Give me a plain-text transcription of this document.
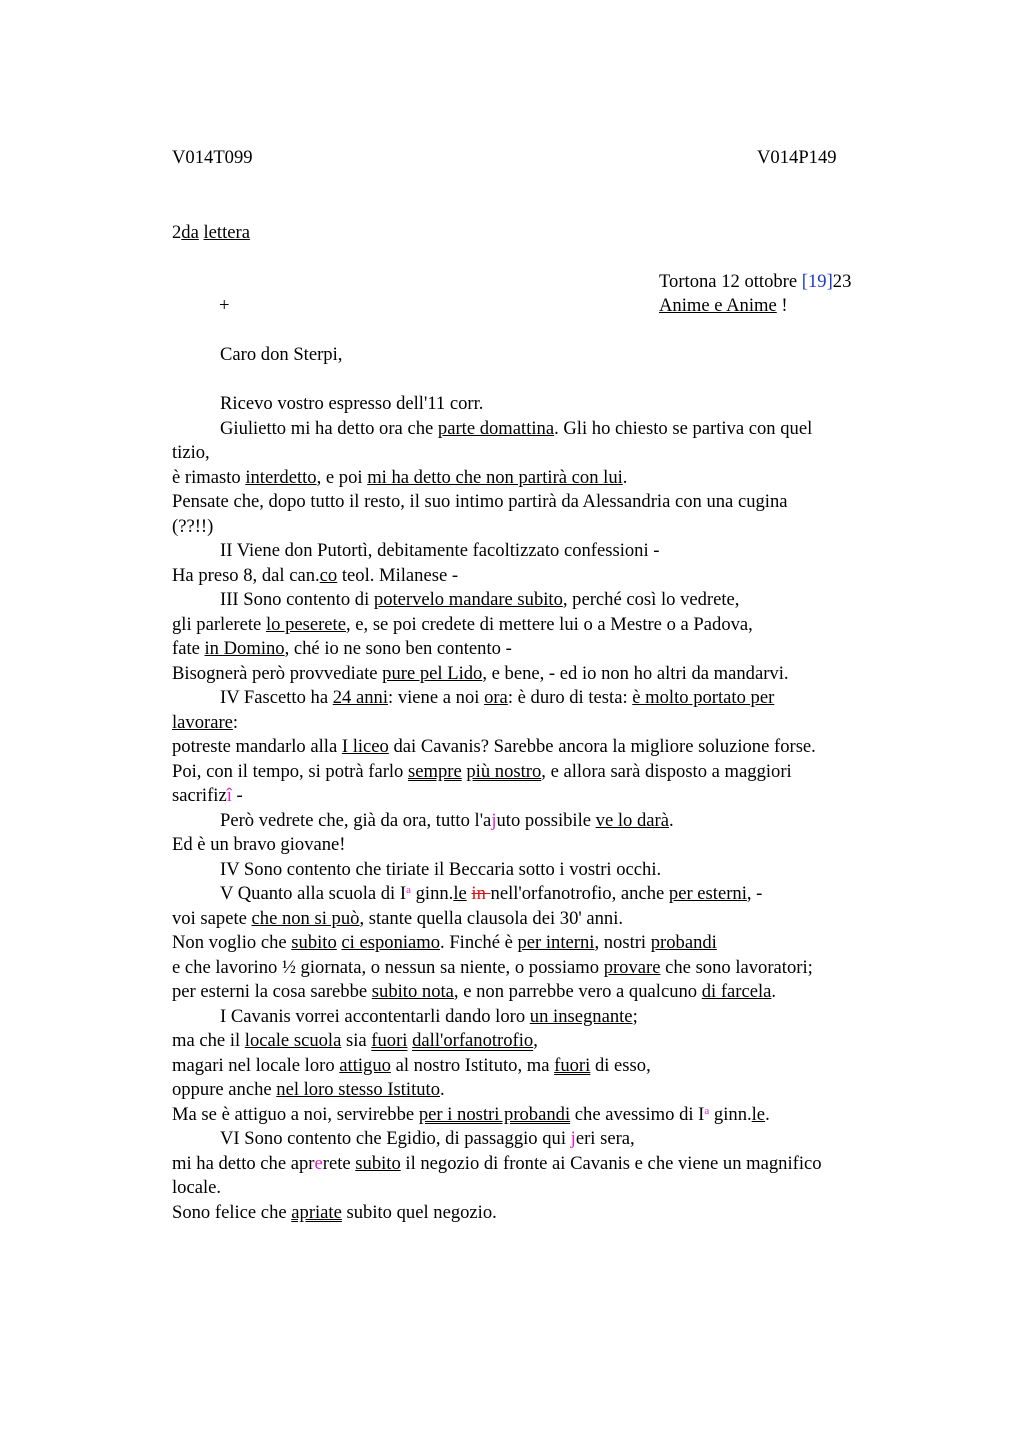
V014T099	V014P149
2da lettera
Tortona 12 ottobre [19]23
Anime e Anime !
+
Caro don Sterpi,
Ricevo vostro espresso dell'11 corr.
Giulietto mi ha detto ora che parte domattina. Gli ho chiesto se partiva con quel
tizio,
è rimasto interdetto, e poi mi ha detto che non partirà con lui.
Pensate che, dopo tutto il resto, il suo intimo partirà da Alessandria con una cugina
(??!!)
II Viene don Putortì, debitamente facoltizzato confessioni -
Ha preso 8, dal can.co teol. Milanese -
III Sono contento di potervelo mandare subito, perché così lo vedrete,
gli parlerete lo peserete, e, se poi credete di mettere lui o a Mestre o a Padova,
fate in Domino, ché io ne sono ben contento -
Bisognerà però provvediate pure pel Lido, e bene, - ed io non ho altri da mandarvi.
IV Fascetto ha 24 anni: viene a noi ora: è duro di testa: è molto portato per
lavorare:
potreste mandarlo alla I liceo dai Cavanis? Sarebbe ancora la migliore soluzione forse.
Poi, con il tempo, si potrà farlo sempre più nostro, e allora sarà disposto a maggiori
sacrifizî -
Però vedrete che, già da ora, tutto l'ajuto possibile ve lo darà.
Ed è un bravo giovane!
IV Sono contento che tiriate il Beccaria sotto i vostri occhi.
V Quanto alla scuola di $I^a$ ginn.le in nell'orfanotrofio, anche per esterni, -
voi sapete che non si può, stante quella clausola dei 30' anni.
Non voglio che subito ci esponiamo. Finché è per interni, nostri probandi
e che lavorino ½ giornata, o nessun sa niente, o possiamo provare che sono lavoratori;
per esterni la cosa sarebbe subito nota, e non parrebbe vero a qualcuno di farcela.
I Cavanis vorrei accontentarli dando loro un insegnante;
ma che il locale scuola sia fuori dall'orfanotrofio,
magari nel locale loro attiguo al nostro Istituto, ma fuori di esso,
oppure anche nel loro stesso Istituto.
Ma se è attiguo a noi, servirebbe per i nostri probandi che avessimo di $I^a$ ginn.le.
VI Sono contento che Egidio, di passaggio qui jeri sera,
mi ha detto che aprerete subito il negozio di fronte ai Cavanis e che viene un magnifico
locale.
Sono felice che apriate subito quel negozio.
